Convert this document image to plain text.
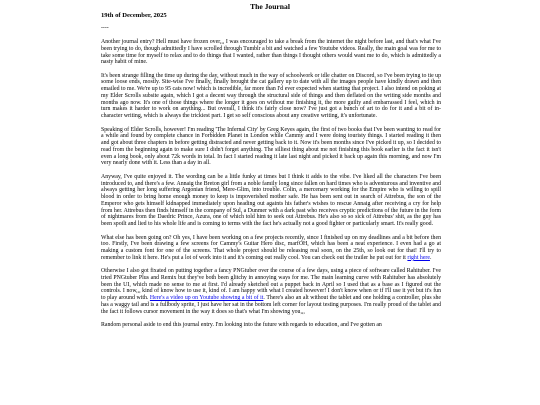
The Journal
19th of December, 2025
----

Another journal entry? Hell must have frozen over,,, I was encouraged to take a break from the internet the night before last, and that's what I've been trying to do, though admittedly I have scrolled through Tumblr a bit and watched a few Youtube videos. Really, the main goal was for me to take some time for myself to relax and to do things that I wanted, rather than things I thought others would want me to do, which is admittedly a nasty habit of mine.

It's been strange filling the time up during the day, without much in the way of schoolwork or idle chatter on Discord, so I've been trying to tie up some loose ends, mostly. Site-wise I've finally, finally brought the cat gallery up to date with all the images people have kindly drawn and then emailed to me. We're up to 95 cats now! which is incredible, far more than I'd ever expected when starting that project. I also intend on poking at my Elder Scrolls subsite again, which I got a decent way through the structural side of things and then deflated on the writing side months and months ago now. It's one of those things where the longer it goes on without me finishing it, the more guilty and embarrassed I feel, which in turn makes it harder to work on anything... But overall, I think it's fairly close now? I've just got a bunch of art to do for it and a bit of in-character writing, which is always the trickiest part. I get so self conscious about any creative writing, it's unfortunate.

Speaking of Elder Scrolls, however! I'm reading 'The Infernal City' by Greg Keyes again, the first of two books that I've been wanting to read for a while and found by complete chance in Forbidden Planet in London while Cammy and I were doing touristy things. I started reading it then and got about three chapters in before getting distracted and never getting back to it. Now it's been months since I've picked it up, so I decided to read from the beginning again to make sure I didn't forget anything. The silliest thing about me not finishing this book earlier is the fact it isn't even a long book, only about 72k words in total. In fact I started reading it late last night and picked it back up again this morning, and now I'm very nearly done with it. Less than a day in all.

Anyway, I've quite enjoyed it. The wording can be a little funky at times but I think it adds to the vibe. I've liked all the characters I've been introduced to, and there's a few. Annaig the Breton girl from a noble family long since fallen on hard times who is adventurous and inventive and always getting her long suffering Argonian friend, Mere-Glim, into trouble. Colin, a mercenary working for the Empire who is willing to spill blood in order to bring home enough money to keep is impoverished mother safe. He has been sent out in search of Attrebus, the son of the Emperor who gets himself kidnapped immediately upon heading out againts his father's wishes to rescue Annaig after receiving a cry for help from her. Attrebus then finds himself in the company of Sul, a Dunmer with a dark past who receives cryptic predictions of the future in the form of nightmares from the Daedric Prince, Azura, one of which told him to seek out Attrebus. He's also so so sick of Attrebus' shit, as the guy has been spoilt and lied to his whole life and is coming to terms with the fact he's actually not a good fighter or particularly smart. It's really good.

What else has been going on? Oh yes, I have been working on a few projects recently, since I finished up on my deadlines and a bit before then too. Firstly, I've been drawing a few screens for Cammy's Guitar Hero disc, marfOH, which has been a neat experience. I even had a go at making a custom font for one of the screens. That whole project should be releasing real soon, on the 25th, so look out for that! I'll try to remember to link it here. He's put a lot of work into it and it's coming out really cool. You can check out the trailer he put out for it right here.

Otherwise I also got fixated on putting together a fancy PNGtuber over the course of a few days, using a piece of software called Rahituber. I've tried PNGtuber Plus and Remix but they've both been glitchy in annoying ways for me. The main learning curve with Rahituber has absolutely been the UI, which made no sense to me at first. I'd already sketched out a puppet back in April so I used that as a base as I figured out the controls. I now,,, kind of know how to use it, kind of. I am happy with what I created however! I don't know when or if I'll use it yet but it's fun to play around with. Here's a video up on Youtube showing a bit of it. There's also an alt without the tablet and one holding a controller, plus she has a waggy tail and is a fullbody sprite, I just have her sat in the bottom left corner for layout testing purposes. I'm really proud of the tablet and the fact it follows cursor movement in the way it does so that's what I'm showing you,,,

Random personal aside to end this journal entry. I'm looking into the future with regards to education, and I've gotten an
